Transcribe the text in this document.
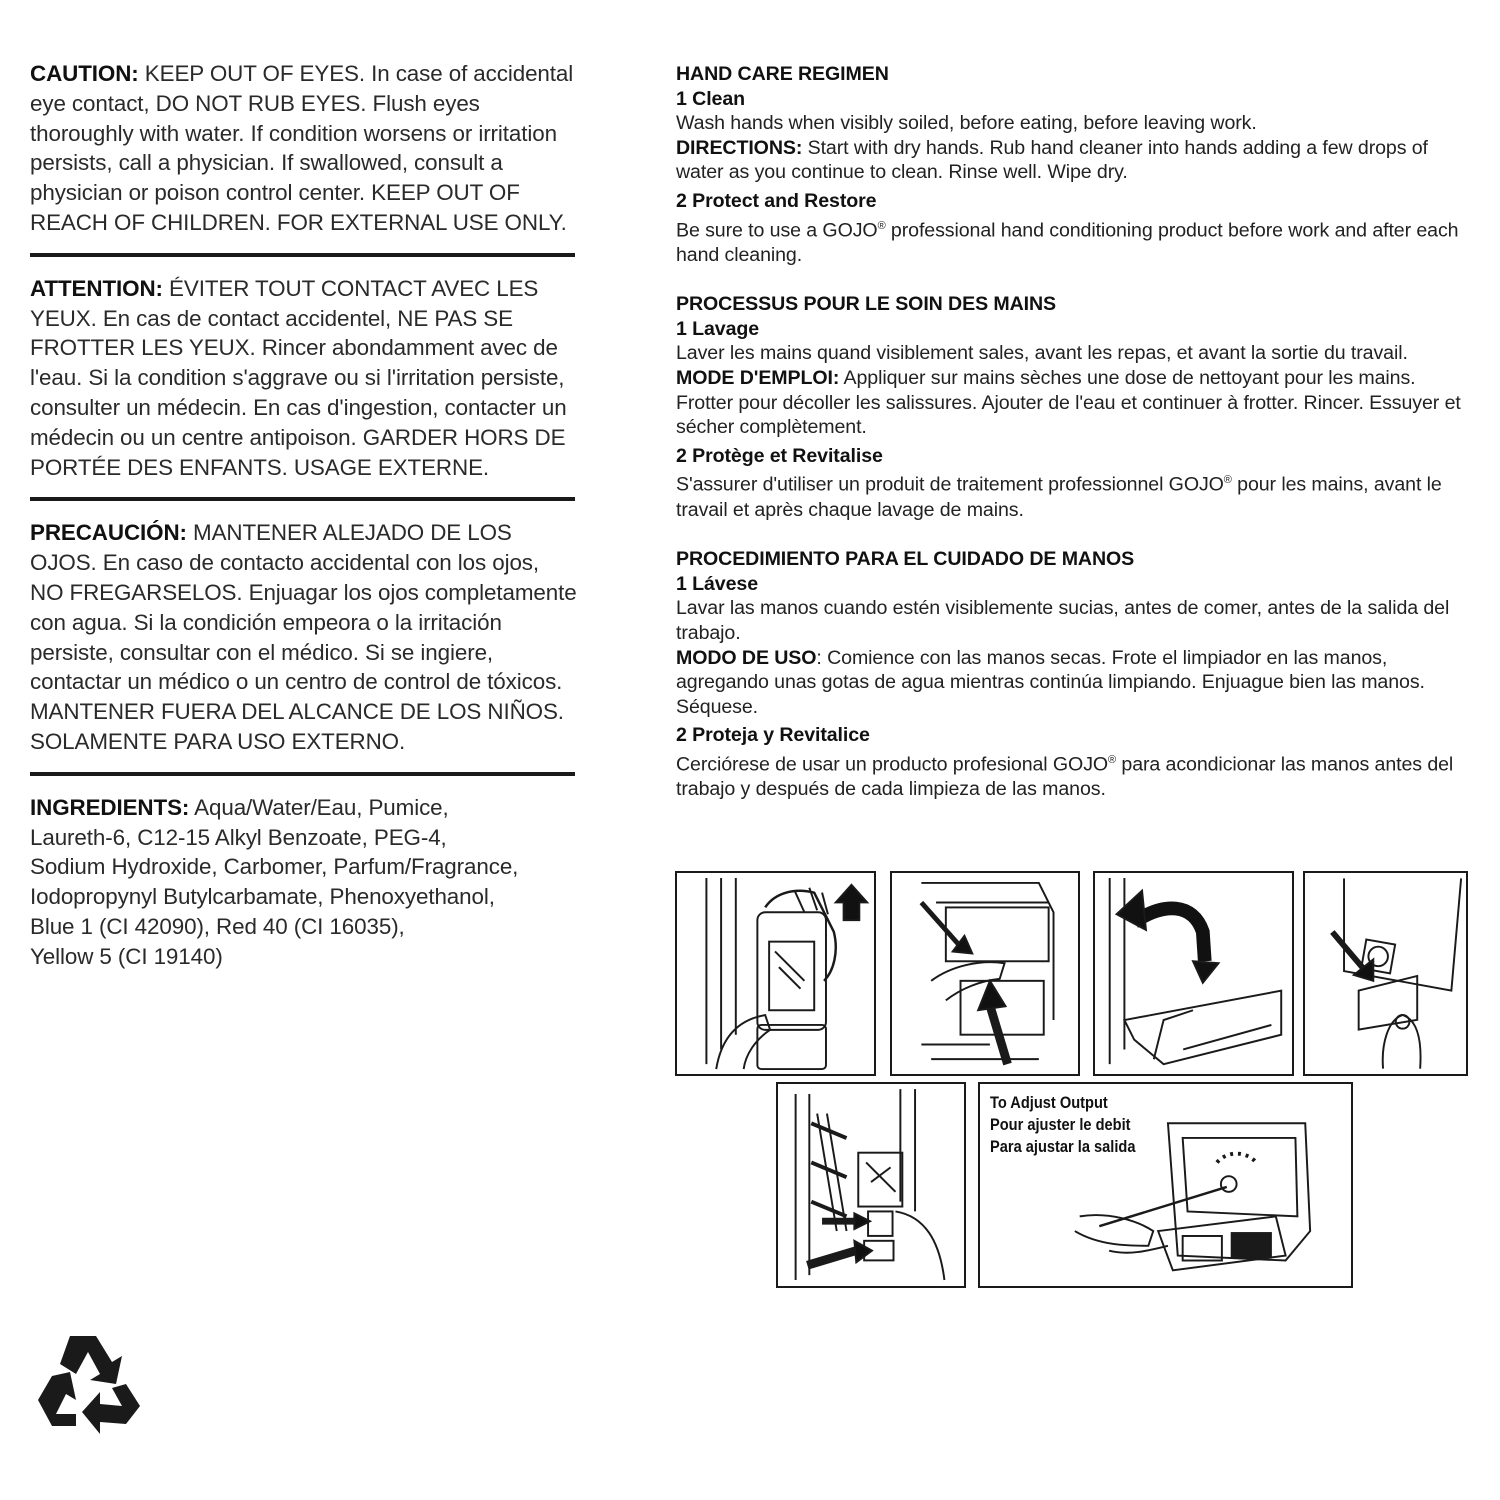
CAUTION: KEEP OUT OF EYES. In case of accidental eye contact, DO NOT RUB EYES. Flush eyes thoroughly with water. If condition worsens or irritation persists, call a physician. If swallowed, consult a physician or poison control center. KEEP OUT OF REACH OF CHILDREN. FOR EXTERNAL USE ONLY.
ATTENTION: ÉVITER TOUT CONTACT AVEC LES YEUX. En cas de contact accidentel, NE PAS SE FROTTER LES YEUX. Rincer abondamment avec de l'eau. Si la condition s'aggrave ou si l'irritation persiste, consulter un médecin. En cas d'ingestion, contacter un médecin ou un centre antipoison. GARDER HORS DE PORTÉE DES ENFANTS. USAGE EXTERNE.
PRECAUCIÓN: MANTENER ALEJADO DE LOS OJOS. En caso de contacto accidental con los ojos, NO FREGARSELOS. Enjuagar los ojos completamente con agua. Si la condición empeora o la irritación persiste, consultar con el médico. Si se ingiere, contactar un médico o un centro de control de tóxicos. MANTENER FUERA DEL ALCANCE DE LOS NIÑOS. SOLAMENTE PARA USO EXTERNO.
INGREDIENTS: Aqua/Water/Eau, Pumice,
Laureth-6, C12-15 Alkyl Benzoate, PEG-4,
Sodium Hydroxide, Carbomer, Parfum/Fragrance,
Iodopropynyl Butylcarbamate, Phenoxyethanol,
Blue 1 (CI 42090), Red 40 (CI 16035),
Yellow 5 (CI 19140)
HAND CARE REGIMEN
1 Clean
Wash hands when visibly soiled, before eating, before leaving work.
DIRECTIONS: Start with dry hands. Rub hand cleaner into hands adding a few drops of water as you continue to clean. Rinse well. Wipe dry.
2 Protect and Restore
Be sure to use a GOJO® professional hand conditioning product before work and after each hand cleaning.
PROCESSUS POUR LE SOIN DES MAINS
1 Lavage
Laver les mains quand visiblement sales, avant les repas, et avant la sortie du travail.
MODE D'EMPLOI: Appliquer sur mains sèches une dose de nettoyant pour les mains. Frotter pour décoller les salissures. Ajouter de l'eau et continuer à frotter. Rincer. Essuyer et sécher complètement.
2 Protège et Revitalise
S'assurer d'utiliser un produit de traitement professionnel GOJO® pour les mains, avant le travail et après chaque lavage de mains.
PROCEDIMIENTO PARA EL CUIDADO DE MANOS
1 Lávese
Lavar las manos cuando estén visiblemente sucias, antes de comer, antes de la salida del trabajo.
MODO DE USO: Comience con las manos secas. Frote el limpiador en las manos, agregando unas gotas de agua mientras continúa limpiando. Enjuague bien las manos. Séquese.
2 Proteja y Revitalice
Cerciórese de usar un producto profesional GOJO® para acondicionar las manos antes del trabajo y después de cada limpieza de las manos.
To Adjust Output
Pour ajuster le debit
Para ajustar la salida
